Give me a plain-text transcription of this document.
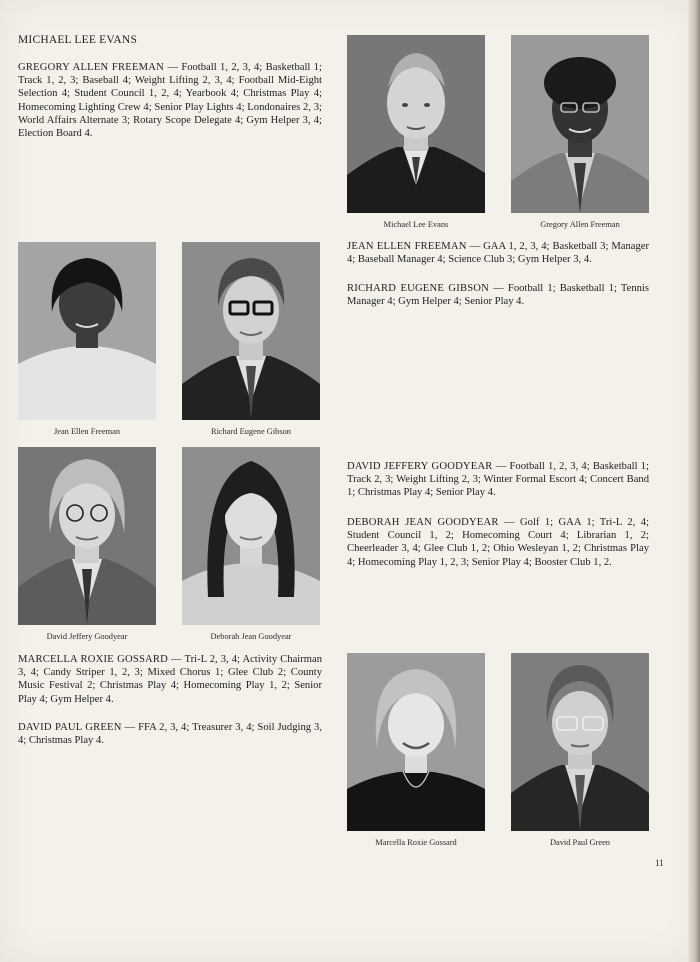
MICHAEL LEE EVANS
GREGORY ALLEN FREEMAN — Football 1, 2, 3, 4; Basketball 1; Track 1, 2, 3; Baseball 4; Weight Lifting 2, 3, 4; Football Mid-Eight Selection 4; Student Council 1, 2, 4; Yearbook 4; Christmas Play 4; Homecoming Lighting Crew 4; Senior Play Lights 4; Londonaires 2, 3; World Affairs Alternate 3; Rotary Scope Delegate 4; Gym Helper 3, 4; Election Board 4.
Michael Lee Evans	Gregory Allen Freeman
Jean Ellen Freeman	Richard Eugene Gibson
JEAN ELLEN FREEMAN — GAA 1, 2, 3, 4; Basketball 3; Manager 4; Baseball Manager 4; Science Club 3; Gym Helper 3, 4.
RICHARD EUGENE GIBSON — Football 1; Basketball 1; Tennis Manager 4; Gym Helper 4; Senior Play 4.
David Jeffery Goodyear	Deborah Jean Goodyear
DAVID JEFFERY GOODYEAR — Football 1, 2, 3, 4; Basketball 1; Track 2, 3; Weight Lifting 2, 3; Winter Formal Escort 4; Concert Band 1; Christmas Play 4; Senior Play 4.
DEBORAH JEAN GOODYEAR — Golf 1; GAA 1; Tri-L 2, 4; Student Council 1, 2; Homecoming Court 4; Librarian 1, 2; Cheerleader 3, 4; Glee Club 1, 2; Ohio Wesleyan 1, 2; Christmas Play 4; Homecoming Play 1, 2, 3; Senior Play 4; Booster Club 1, 2.
MARCELLA ROXIE GOSSARD — Tri-L 2, 3, 4; Activity Chairman 3, 4; Candy Striper 1, 2, 3; Mixed Chorus 1; Glee Club 2; County Music Festival 2; Christmas Play 4; Homecoming Play 1, 2; Senior Play 4; Gym Helper 4.
DAVID PAUL GREEN — FFA 2, 3, 4; Treasurer 3, 4; Soil Judging 3, 4; Christmas Play 4.
Marcella Roxie Gossard	David Paul Green
11
